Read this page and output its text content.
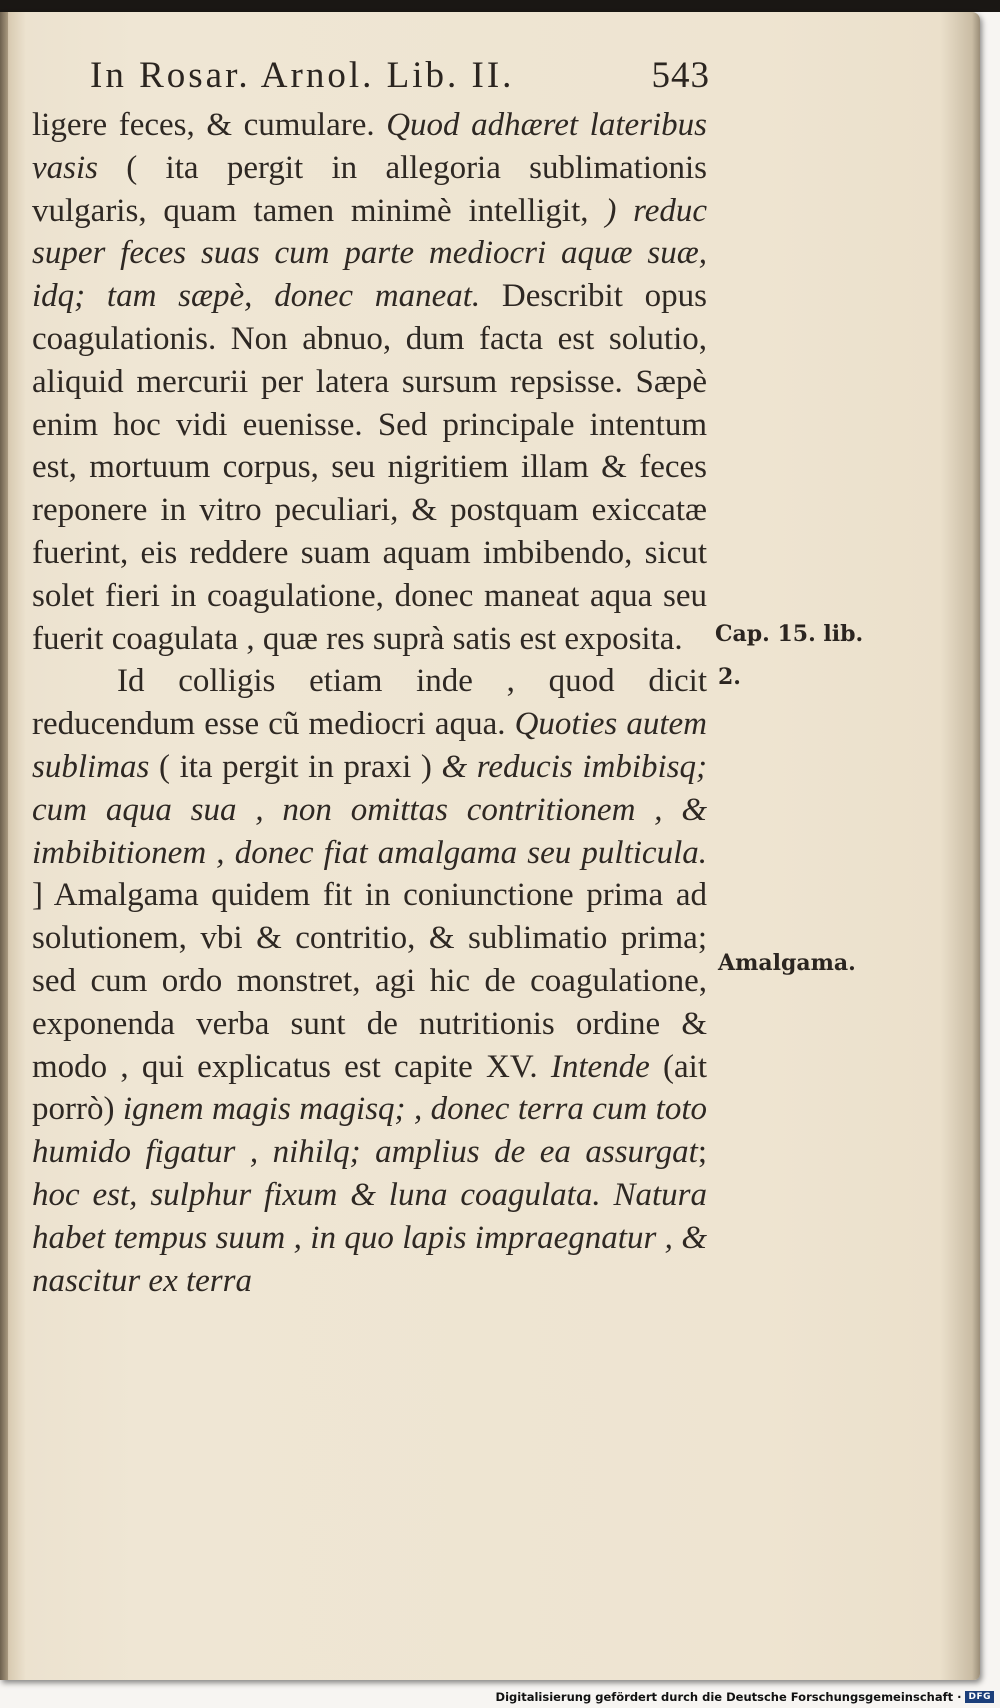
In Rosar. Arnol. Lib. II.	543

ligere feces, & cumulare. Quod adhæret lateribus vasis ( ita pergit in allegoria sublimationis vulgaris, quam tamen minimè intelligit, ) reduc super feces suas cum parte mediocri aquæ suæ, idq; tam sæpè, donec maneat. Describit opus coagulationis. Non abnuo, dum facta est solutio, aliquid mercurii per latera sursum repsisse. Sæpè enim hoc vidi euenisse. Sed principale intentum est, mortuum corpus, seu nigritiem illam & feces reponere in vitro peculiari, & postquam exiccatæ fuerint, eis reddere suam aquam imbibendo, sicut solet fieri in coagulatione, donec maneat aqua seu fuerit coagulata , quæ res suprà satis est exposita.

Id colligis etiam inde , quod dicit reducendum esse cũ mediocri aqua. Quoties autem sublimas ( ita pergit in praxi ) & reducis imbibisq; cum aqua sua , non omittas contritionem , & imbibitionem , donec fiat amalgama seu pulticula. ] Amalgama quidem fit in coniunctione prima ad solutionem, vbi & contritio, & sublimatio prima; sed cum ordo monstret, agi hic de coagulatione, exponenda verba sunt de nutritionis ordine & modo , qui explicatus est capite XV. Intende (ait porrò) ignem magis magisq; , donec terra cum toto humido figatur , nihilq; amplius de ea assurgat; hoc est, sulphur fixum & luna coagulata. Natura habet tempus suum , in quo lapis impraegnatur , & nascitur ex terra

Cap. 15. lib.
2.
Amalgama.
Digitalisierung gefördert durch die Deutsche Forschungsgemeinschaft · DFG
